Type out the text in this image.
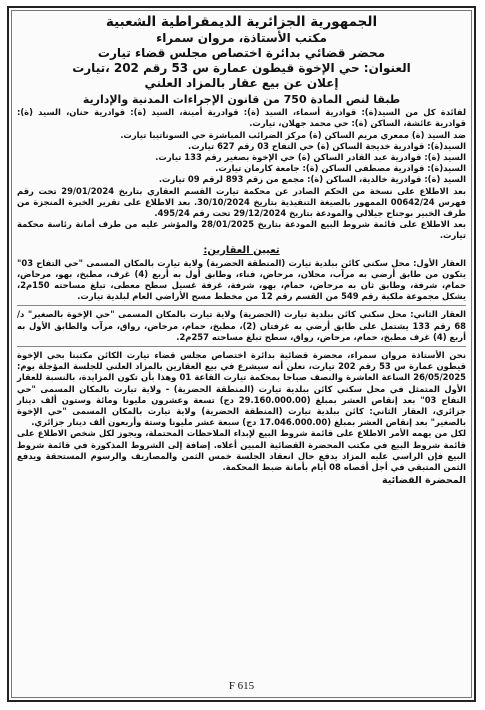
الجمهورية الجزائرية الديمقراطية الشعبية
مكتب الأستاذة، مروان سمراء
محضر قضائي بدائرة اختصاص مجلس قضاء تيارت
العنوان: حي الإخوة قيطون عمارة س 53 رقم 202 ،تيارت
إعلان عن بيع عقار بالمزاد العلني
طبقا لنص المادة 750 من قانون الإجراءات المدنية والإدارية

لفائدة كل من السيد(ة): قوادرية أسماء، السيد (ة): قوادرية أمينة، السيد (ة): قوادرية حنان، السيد (ة): قوادرية عائشة، الساكن (ة): حي محمد جهلان، تيارت.

ضد السيد (ة) ممعري مريم الساكن (ة) مركز الضرائب المباشرة حي السوناتيبا تيارت.

السيد(ة): قوادرية خديجة الساكن (ة) حي التفاح 03 رقم 627 تيارت.

السيد (ة): قوادرية عبد القادر الساكن (ة) حي الإخوة بصغير رقم 133 تيارت.

السيد(ة): قوادرية مصطفى الساكن (ة): جامعة كارمان تيارت.

السيد (ة): قوادرية خالدية، الساكن (ة): مجمع من رقم 893 لرقم 09 تيارت.

بعد الاطلاع على نسخة من الحكم الصادر عن محكمة تيارت القسم العقاري بتاريخ 29/01/2024 تحت رقم فهرس 00642/24 الممهور بالصيغة التنفيذية بتاريخ 30/10/2024. بعد الاطلاع على تقرير الخبرة المنجزة من طرف الخبير بوجناح جيلالي والمودعة بتاريخ 29/12/2024 تحت رقم 495/24.

بعد الاطلاع على قائمة شروط البيع المودعة بتاريخ 28/01/2025 والمؤشر عليه من طرف أمانة رئاسة محكمة تيارت.

تعيين العقارين:

العقار الأول: محل سكني كائن ببلدية تيارت (المنطقة الحضرية) ولاية تيارت بالمكان المسمى "حي التفاح 03" يتكون من طابق أرضي به مرآب، محلان، مرحاض، فناء، وطابق أول به أربع (4) غرف، مطبخ، بهو، مرحاض، حمام، شرفة، وطابق ثان به مرحاض، حمام، بهو، شرفة، غرفة غسيل سطح معطى، تبلغ مساحته 150م2، يشكل مجموعة ملكية رقم 549 من القسم رقم 12 من مخطط مسح الأراضي العام لبلدية تيارت.

العقار الثاني: محل سكني كائن ببلدية تيارت (الحضرية) ولاية تيارت بالمكان المسمى "حي الإخوة بالصغير" د/ 68 رقم 133 يشتمل على طابق أرضي به غرفتان (2)، مطبخ، حمام، مرحاض، رواق، مرآب والطابق الأول به أربع (4) غرف مطبخ، حمام، مرحاض، رواق، سطح تبلغ مساحته 257م2.

نحن الأستاذة مروان سمراء، محضرة قضائية بدائرة اختصاص مجلس قضاء تيارت الكائن مكتبنا بحي الإخوة قيطون عمارة س 53 رقم 202 تيارت، نعلن أنه سيشرع في بيع العقارين بالمزاد العلني للجلسة المؤجلة يوم: 26/05/2025 الساعة العاشرة والنصف صباحا بمحكمة تيارت القاعة 01 وهذا بأن تكون المزايدة، بالنسبة للعقار الأول المتمثل في محل سكني كائن ببلدية تيارت (المنطقة الحضرية) - ولاية تيارت بالمكان المسمى "حي التفاح 03" بعد إنقاص العشر بمبلغ (29.160.000.00 دج) تسعة وعشرون مليونا ومائة وستون ألف دينار جزائري، العقار الثاني: كائن ببلدية تيارت (المنطقة الحضرية) ولاية تيارت بالمكان المسمى "حي الإخوة بالصغير" بعد إنقاص العشر بمبلغ (17.046.000.00 دج) سبعة عشر مليونا وستة وأربعون ألف دينار جزائري.

لكل من يهمه الأمر الاطلاع على قائمة شروط البيع لإبداء الملاحظات المحتملة، ويجوز لكل شخص الاطلاع على قائمة شروط البيع في مكتب المحضرة القضائية المبين أعلاه. إضافة إلى الشروط المذكورة في قائمة شروط البيع فإن الراسي عليه المزاد يدفع حال انعقاد الجلسة خمس الثمن والمصاريف والرسوم المستحقة ويدفع الثمن المتبقي في أجل أقصاه 08 أيام بأمانة ضبط المحكمة.

المحضرة القضائية
F 615
